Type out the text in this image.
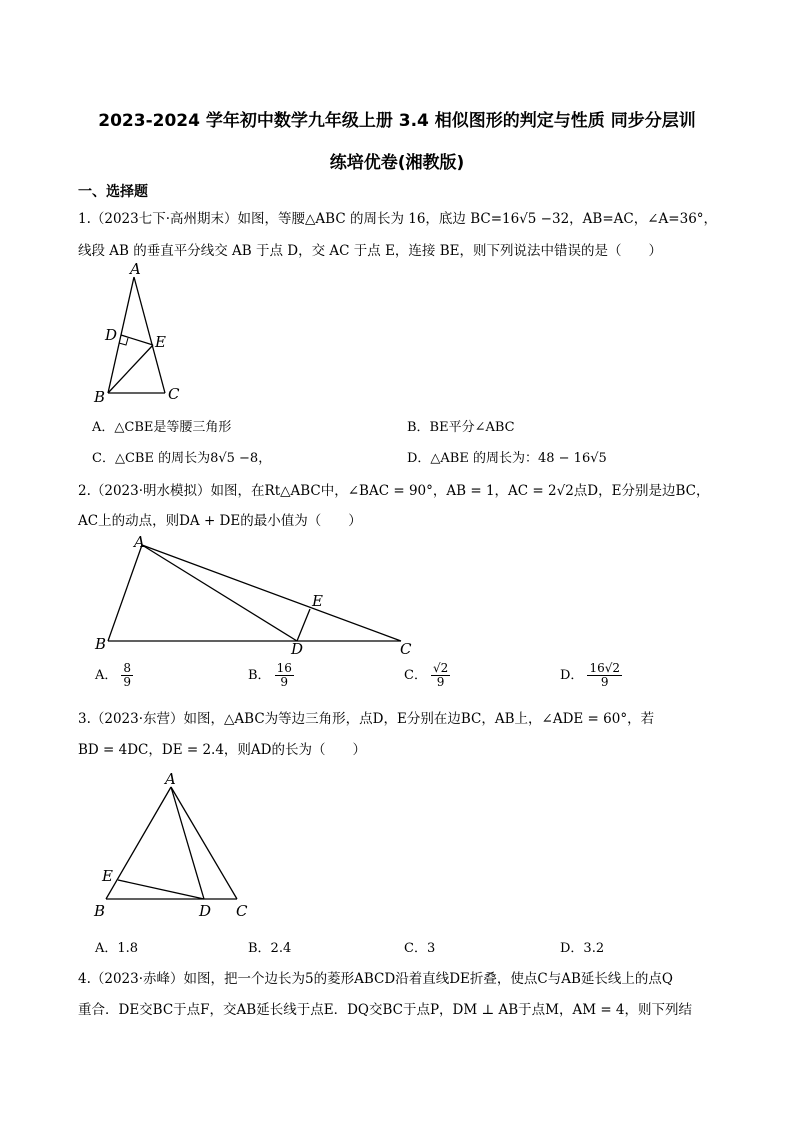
2023-2024 学年初中数学九年级上册 3.4 相似图形的判定与性质 同步分层训
练培优卷(湘教版)
一、选择题
1.（2023七下·高州期末）如图，等腰△ABC 的周长为 16，底边 BC=16√5 −32，AB=AC，∠A=36°，
线段 AB 的垂直平分线交 AB 于点 D，交 AC 于点 E，连接 BE，则下列说法中错误的是（　　）
A
D	E
B	C
A．△CBE是等腰三角形	B．BE平分∠ABC
C．△CBE 的周长为8√5 −8，	D．△ABE 的周长为：48 − 16√5
2.（2023·明水模拟）如图，在Rt△ABC中，∠BAC = 90°，AB = 1，AC = 2√2点D，E分别是边BC，
AC上的动点，则DA + DE的最小值为（　　）
A
E
B	D	C
A． $\frac{8}{9}$	B． $\frac{16}{9}$	C． $\frac{√2}{9}$	D． $\frac{16√2}{9}$
3.（2023·东营）如图，△ABC为等边三角形，点D，E分别在边BC，AB上，∠ADE = 60°，若
BD = 4DC，DE = 2.4，则AD的长为（　　）
A
E
B	D C
A．1.8	B．2.4	C．3	D．3.2
4.（2023·赤峰）如图，把一个边长为5的菱形ABCD沿着直线DE折叠，使点C与AB延长线上的点Q
重合．DE交BC于点F，交AB延长线于点E．DQ交BC于点P，DM ⊥ AB于点M，AM = 4，则下列结
